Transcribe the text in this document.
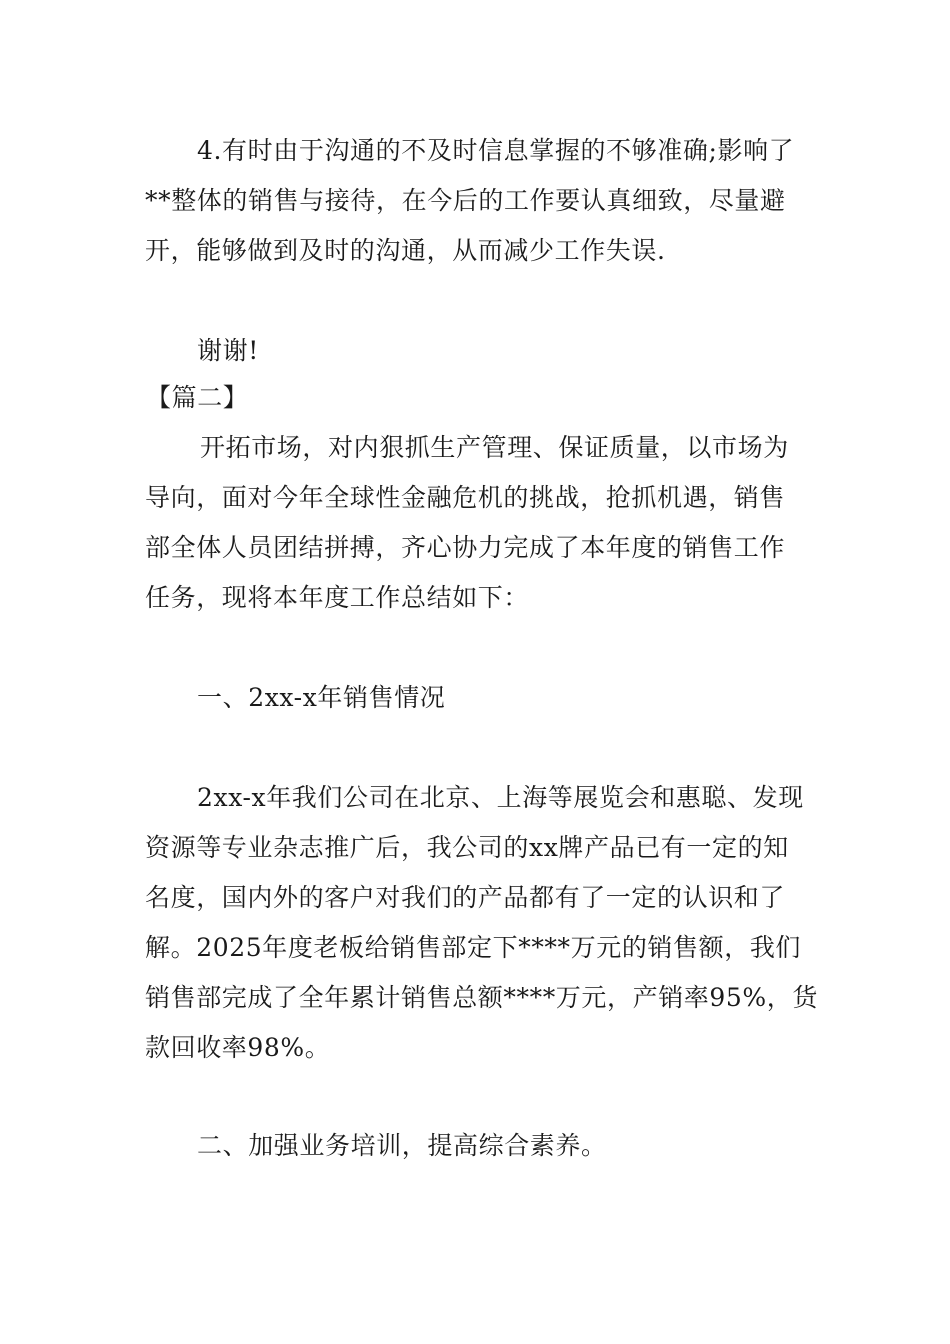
4.有时由于沟通的不及时信息掌握的不够准确;影响了
**整体的销售与接待，在今后的工作要认真细致，尽量避
开，能够做到及时的沟通，从而减少工作失误.
谢谢!
【篇二】
开拓市场，对内狠抓生产管理、保证质量，以市场为
导向，面对今年全球性金融危机的挑战，抢抓机遇，销售
部全体人员团结拼搏，齐心协力完成了本年度的销售工作
任务，现将本年度工作总结如下：
一、2xx-x年销售情况
2xx-x年我们公司在北京、上海等展览会和惠聪、发现
资源等专业杂志推广后，我公司的xx牌产品已有一定的知
名度，国内外的客户对我们的产品都有了一定的认识和了
解。2025年度老板给销售部定下****万元的销售额，我们
销售部完成了全年累计销售总额****万元，产销率95%，货
款回收率98%。
二、加强业务培训，提高综合素养。
